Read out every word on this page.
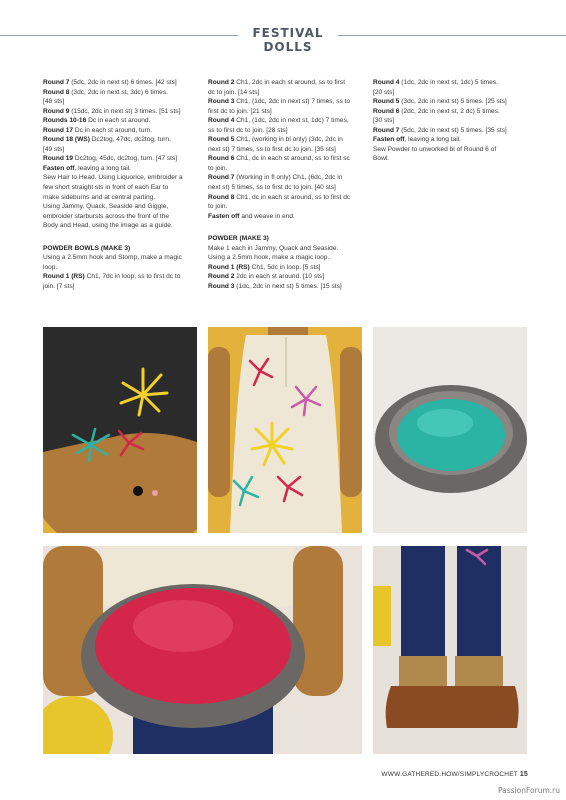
FESTIVAL DOLLS

Round 7 (5dc, 2dc in next st) 6 times. [42 sts]

Round 8 (3dc, 2dc in next st, 3dc) 6 times.

[48 sts]

Round 9 (15dc, 2dc in next st) 3 times. [51 sts]

Rounds 10-16 Dc in each st around.

Round 17 Dc in each st around, turn.

Round 18 (WS) Dc2tog, 47dc, dc2tog, turn.

[49 sts]

Round 19 Dc2tog, 45dc, dc2tog, turn. [47 sts]

Fasten off, leaving a long tail.

Sew Hair to Head. Using Liquorice, embroider a

few short straight sts in front of each Ear to

make sideburns and at central parting.

Using Jammy, Quack, Seaside and Giggle,

embroider starbursts across the front of the

Body and Head, using the image as a guide.

POWDER BOWLS (MAKE 3)

Using a 2.5mm hook and Stomp, make a magic

loop.

Round 1 (RS) Ch1, 7dc in loop, ss to first dc to

join. [7 sts]

Round 2 Ch1, 2dc in each st around, ss to first

dc to join. [14 sts]

Round 3 Ch1, (1dc, 2dc in next st) 7 times, ss to

first dc to join. [21 sts]

Round 4 Ch1, (1dc, 2dc in next st, 1dc) 7 times,

ss to first dc to join. [28 sts]

Round 5 Ch1, (working in bl only) (3dc, 2dc in

next st) 7 times, ss to first dc to join. [35 sts]

Round 6 Ch1, dc in each st around, ss to first sc

to join.

Round 7 (Working in fl only) Ch1, (6dc, 2dc in

next st) 5 times, ss to first dc to join. [40 sts]

Round 8 Ch1, dc in each st around, ss to first dc

to join.

Fasten off and weave in end.

POWDER (MAKE 3)

Make 1 each in Jammy, Quack and Seaside.

Using a 2.5mm hook, make a magic loop.

Round 1 (RS) Ch1, 5dc in loop. [5 sts]

Round 2 2dc in each st around. [10 sts]

Round 3 (1dc, 2dc in next st) 5 times. [15 sts]

Round 4 (1dc, 2dc in next st, 1dc) 5 times.

[20 sts]

Round 5 (3dc, 2dc in next st) 5 times. [25 sts]

Round 6 (2dc, 2dc in next st, 2 dc) 5 times.

[30 sts]

Round 7 (5dc, 2dc in next st) 5 times. [35 sts]

Fasten off, leaving a long tail.

Sew Powder to unworked bl of Round 6 of

Bowl.

WWW.GATHERED.HOW/SIMPLYCROCHET 15
PassionForum.ru
